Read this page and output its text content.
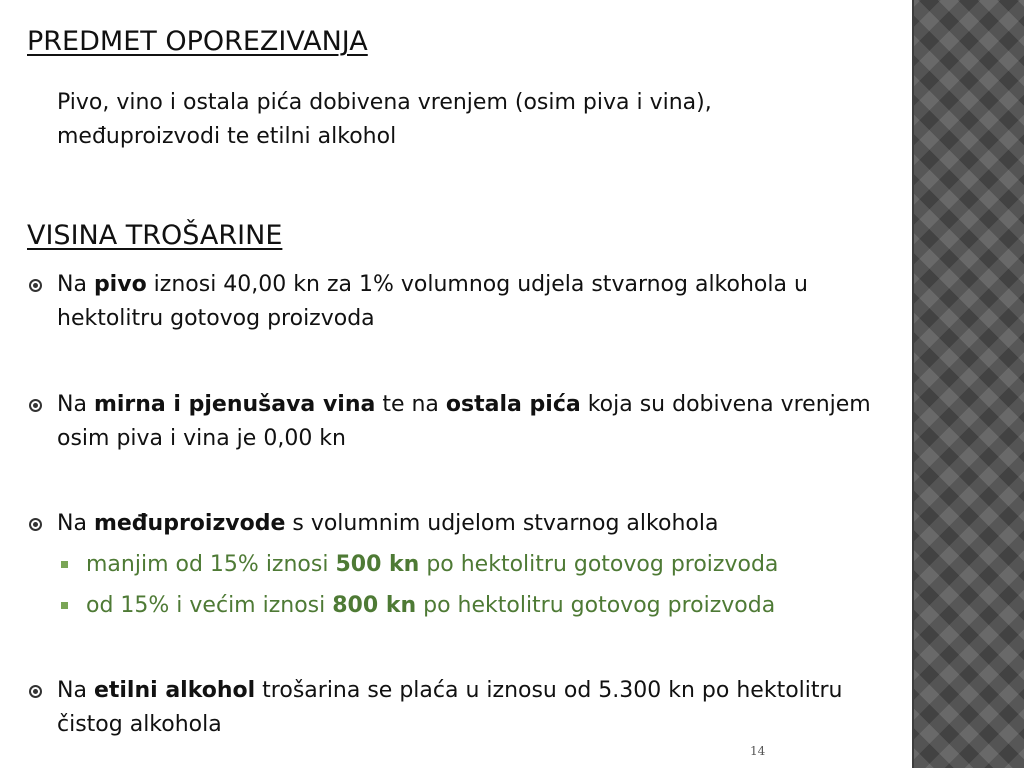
PREDMET OPOREZIVANJA

Pivo, vino i ostala pića dobivena vrenjem (osim piva i vina),
međuproizvodi te etilni alkohol

VISINA TROŠARINE
Na pivo iznosi 40,00 kn za 1% volumnog udjela stvarnog alkohola u hektolitru gotovog proizvoda
Na mirna i pjenušava vina te na ostala pića koja su dobivena vrenjem osim piva i vina je 0,00 kn
Na međuproizvode s volumnim udjelom stvarnog alkohola
manjim od 15% iznosi 500 kn po hektolitru gotovog proizvoda
od 15% i većim iznosi 800 kn po hektolitru gotovog proizvoda
Na etilni alkohol trošarina se plaća u iznosu od 5.300 kn po hektolitru čistog alkohola
14
